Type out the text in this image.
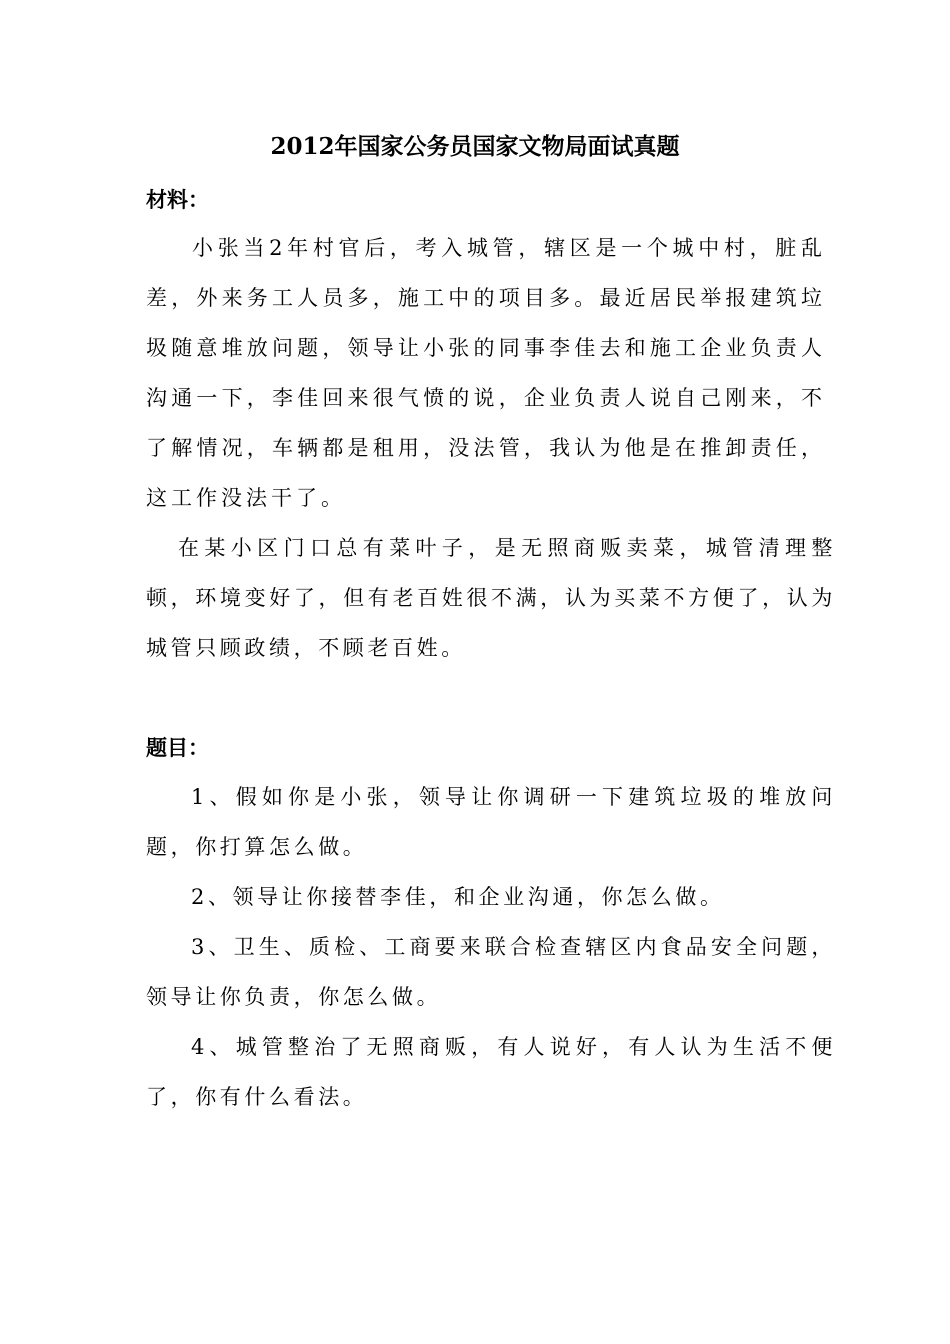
2012年国家公务员国家文物局面试真题

材料：

小张当2年村官后，考入城管，辖区是一个城中村，脏乱差，外来务工人员多，施工中的项目多。最近居民举报建筑垃圾随意堆放问题，领导让小张的同事李佳去和施工企业负责人沟通一下，李佳回来很气愤的说，企业负责人说自己刚来，不了解情况，车辆都是租用，没法管，我认为他是在推卸责任，这工作没法干了。

在某小区门口总有菜叶子，是无照商贩卖菜，城管清理整顿，环境变好了，但有老百姓很不满，认为买菜不方便了，认为城管只顾政绩，不顾老百姓。

题目：

1、假如你是小张，领导让你调研一下建筑垃圾的堆放问题，你打算怎么做。

2、领导让你接替李佳，和企业沟通，你怎么做。

3、卫生、质检、工商要来联合检查辖区内食品安全问题，领导让你负责，你怎么做。

4、城管整治了无照商贩，有人说好，有人认为生活不便了，你有什么看法。
